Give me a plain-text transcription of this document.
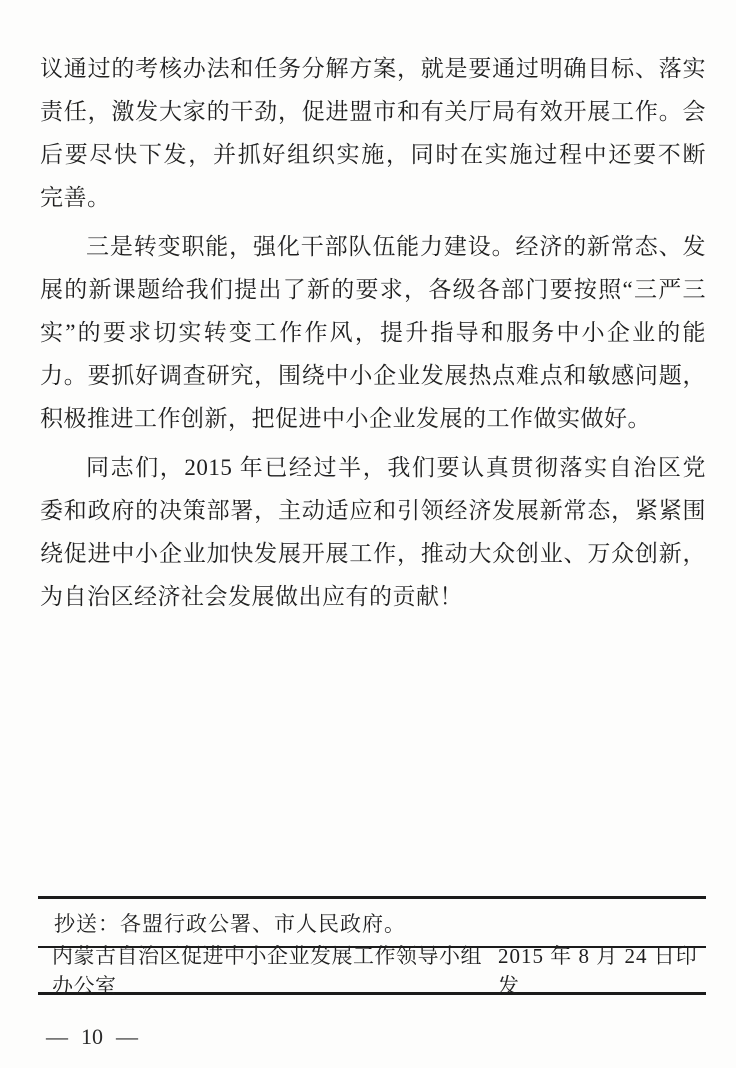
议通过的考核办法和任务分解方案，就是要通过明确目标、落实
责任，激发大家的干劲，促进盟市和有关厅局有效开展工作。会
后要尽快下发，并抓好组织实施，同时在实施过程中还要不断
完善。
三是转变职能，强化干部队伍能力建设。经济的新常态、发
展的新课题给我们提出了新的要求，各级各部门要按照“三严三
实”的要求切实转变工作作风，提升指导和服务中小企业的能
力。要抓好调查研究，围绕中小企业发展热点难点和敏感问题，
积极推进工作创新，把促进中小企业发展的工作做实做好。
同志们，2015 年已经过半，我们要认真贯彻落实自治区党
委和政府的决策部署，主动适应和引领经济发展新常态，紧紧围
绕促进中小企业加快发展开展工作，推动大众创业、万众创新，
为自治区经济社会发展做出应有的贡献！
抄送：各盟行政公署、市人民政府。
内蒙古自治区促进中小企业发展工作领导小组办公室
2015 年 8 月 24 日印发
— 10 —
